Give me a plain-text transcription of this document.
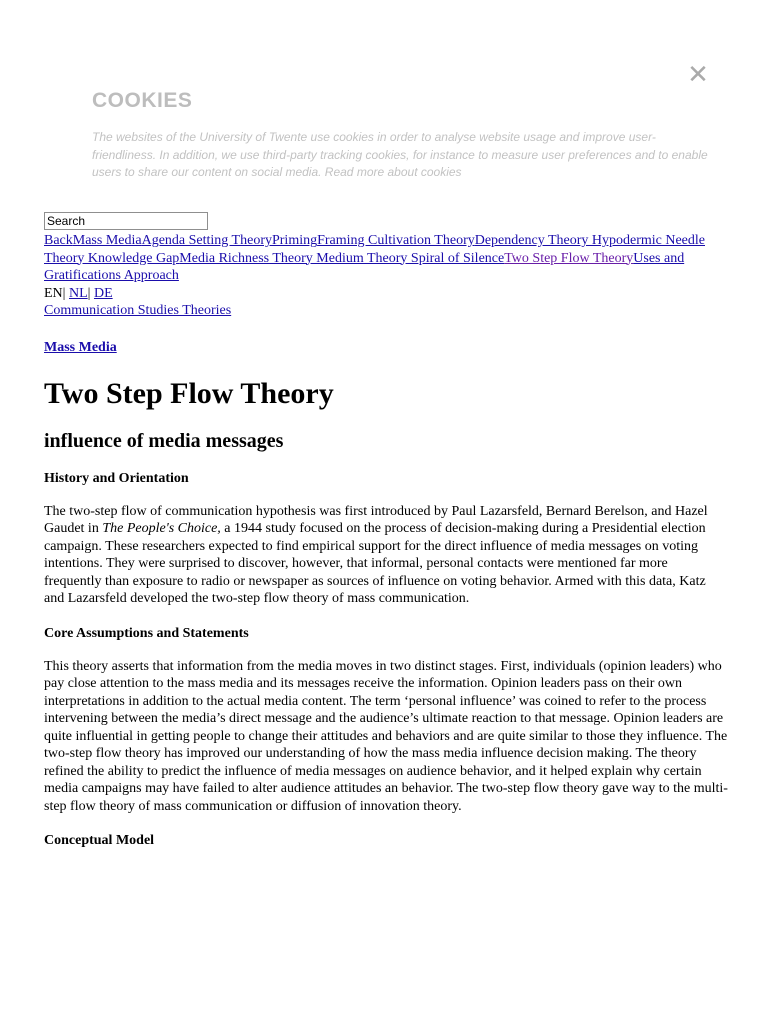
✕
COOKIES

The websites of the University of Twente use cookies in order to analyse website usage and improve user-friendliness. In addition, we use third-party tracking cookies, for instance to measure user preferences and to enable users to share our content on social media. Read more about cookies

Search
BackMass MediaAgenda Setting TheoryPrimingFraming Cultivation TheoryDependency Theory Hypodermic Needle Theory Knowledge GapMedia Richness Theory Medium Theory Spiral of SilenceTwo Step Flow TheoryUses and Gratifications Approach
EN| NL| DE
Communication Studies Theories
Mass Media
Two Step Flow Theory
influence of media messages
History and Orientation

The two-step flow of communication hypothesis was first introduced by Paul Lazarsfeld, Bernard Berelson, and Hazel Gaudet in The People's Choice, a 1944 study focused on the process of decision-making during a Presidential election campaign. These researchers expected to find empirical support for the direct influence of media messages on voting intentions. They were surprised to discover, however, that informal, personal contacts were mentioned far more frequently than exposure to radio or newspaper as sources of influence on voting behavior. Armed with this data, Katz and Lazarsfeld developed the two-step flow theory of mass communication.

Core Assumptions and Statements

This theory asserts that information from the media moves in two distinct stages. First, individuals (opinion leaders) who pay close attention to the mass media and its messages receive the information. Opinion leaders pass on their own interpretations in addition to the actual media content. The term ‘personal influence’ was coined to refer to the process intervening between the media’s direct message and the audience’s ultimate reaction to that message. Opinion leaders are quite influential in getting people to change their attitudes and behaviors and are quite similar to those they influence. The two-step flow theory has improved our understanding of how the mass media influence decision making. The theory refined the ability to predict the influence of media messages on audience behavior, and it helped explain why certain media campaigns may have failed to alter audience attitudes an behavior. The two-step flow theory gave way to the multi-step flow theory of mass communication or diffusion of innovation theory.

Conceptual Model
